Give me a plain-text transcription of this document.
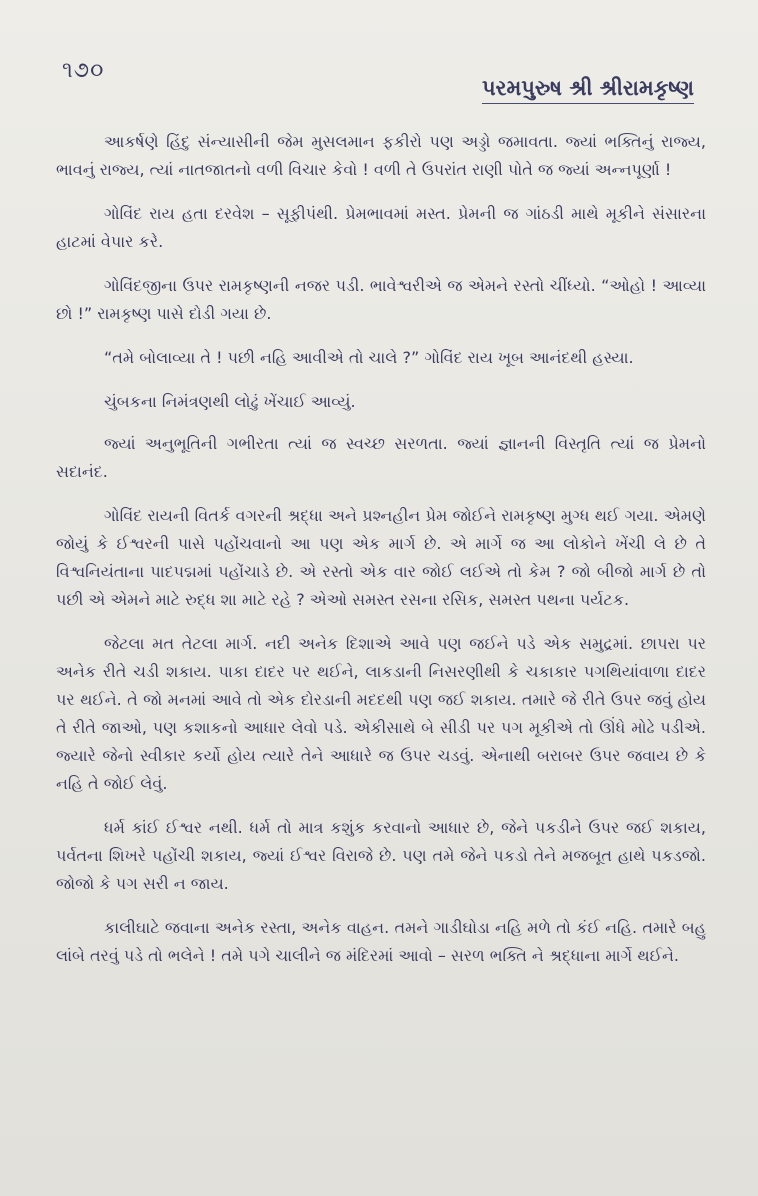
૧૭૦
પરમપુરુષ શ્રી શ્રીરામકૃષ્ણ

આકર્ષણે હિંદુ સંન્યાસીની જેમ મુસલમાન ફકીરો પણ અડ્ડો જમાવતા. જ્યાં ભક્તિનું રાજ્ય, ભાવનું રાજ્ય, ત્યાં નાતજાતનો વળી વિચાર કેવો ! વળી તે ઉપરાંત રાણી પોતે જ જ્યાં અન્નપૂર્ણા !

ગોવિંદ રાય હતા દરવેશ – સૂફીપંથી. પ્રેમભાવમાં મસ્ત. પ્રેમની જ ગાંઠડી માથે મૂકીને સંસારના હાટમાં વેપાર કરે.

ગોવિંદજીના ઉપર રામકૃષ્ણની નજર પડી. ભાવેશ્વરીએ જ એમને રસ્તો ચીંધ્યો. “ઓહો ! આવ્યા છો !” રામકૃષ્ણ પાસે દોડી ગયા છે.

“તમે બોલાવ્યા તે ! પછી નહિ આવીએ તો ચાલે ?” ગોવિંદ રાય ખૂબ આનંદથી હસ્યા.

ચુંબકના નિમંત્રણથી લોઢું ખેંચાઈ આવ્યું.

જ્યાં અનુભૂતિની ગભીરતા ત્યાં જ સ્વચ્છ સરળતા. જ્યાં જ્ઞાનની વિસ્તૃતિ ત્યાં જ પ્રેમનો સદાનંદ.

ગોવિંદ રાયની વિતર્ક વગરની શ્રદ્ધા અને પ્રશ્નહીન પ્રેમ જોઈને રામકૃષ્ણ મુગ્ધ થઈ ગયા. એમણે જોયું કે ઈશ્વરની પાસે પહોંચવાનો આ પણ એક માર્ગ છે. એ માર્ગે જ આ લોકોને ખેંચી લે છે તે વિશ્વનિયંતાના પાદપદ્મમાં પહોંચાડે છે. એ રસ્તો એક વાર જોઈ લઈએ તો કેમ ? જો બીજો માર્ગ છે તો પછી એ એમને માટે રુદ્ધ શા માટે રહે ? એઓ સમસ્ત રસના રસિક, સમસ્ત પથના પર્યટક.

જેટલા મત તેટલા માર્ગ. નદી અનેક દિશાએ આવે પણ જઈને પડે એક સમુદ્રમાં. છાપરા પર અનેક રીતે ચડી શકાય. પાકા દાદર પર થઈને, લાકડાની નિસરણીથી કે ચકાકાર પગથિયાંવાળા દાદર પર થઈને. તે જો મનમાં આવે તો એક દોરડાની મદદથી પણ જઈ શકાય. તમારે જે રીતે ઉપર જવું હોય તે રીતે જાઓ, પણ કશાકનો આધાર લેવો પડે. એકીસાથે બે સીડી પર પગ મૂકીએ તો ઊંધે મોઢે પડીએ. જ્યારે જેનો સ્વીકાર કર્યો હોય ત્યારે તેને આધારે જ ઉપર ચડવું. એનાથી બરાબર ઉપર જવાય છે કે નહિ તે જોઈ લેવું.

ધર્મ કાંઈ ઈશ્વર નથી. ધર્મ તો માત્ર કશુંક કરવાનો આધાર છે, જેને પકડીને ઉપર જઈ શકાય, પર્વતના શિખરે પહોંચી શકાય, જ્યાં ઈશ્વર વિરાજે છે. પણ તમે જેને પકડો તેને મજબૂત હાથે પકડજો. જોજો કે પગ સરી ન જાય.

કાલીઘાટે જવાના અનેક રસ્તા, અનેક વાહન. તમને ગાડીઘોડા નહિ મળે તો કંઈ નહિ. તમારે બહુ લાંબે તરવું પડે તો ભલેને ! તમે પગે ચાલીને જ મંદિરમાં આવો – સરળ ભક્તિ ને શ્રદ્ધાના માર્ગે થઈને.
